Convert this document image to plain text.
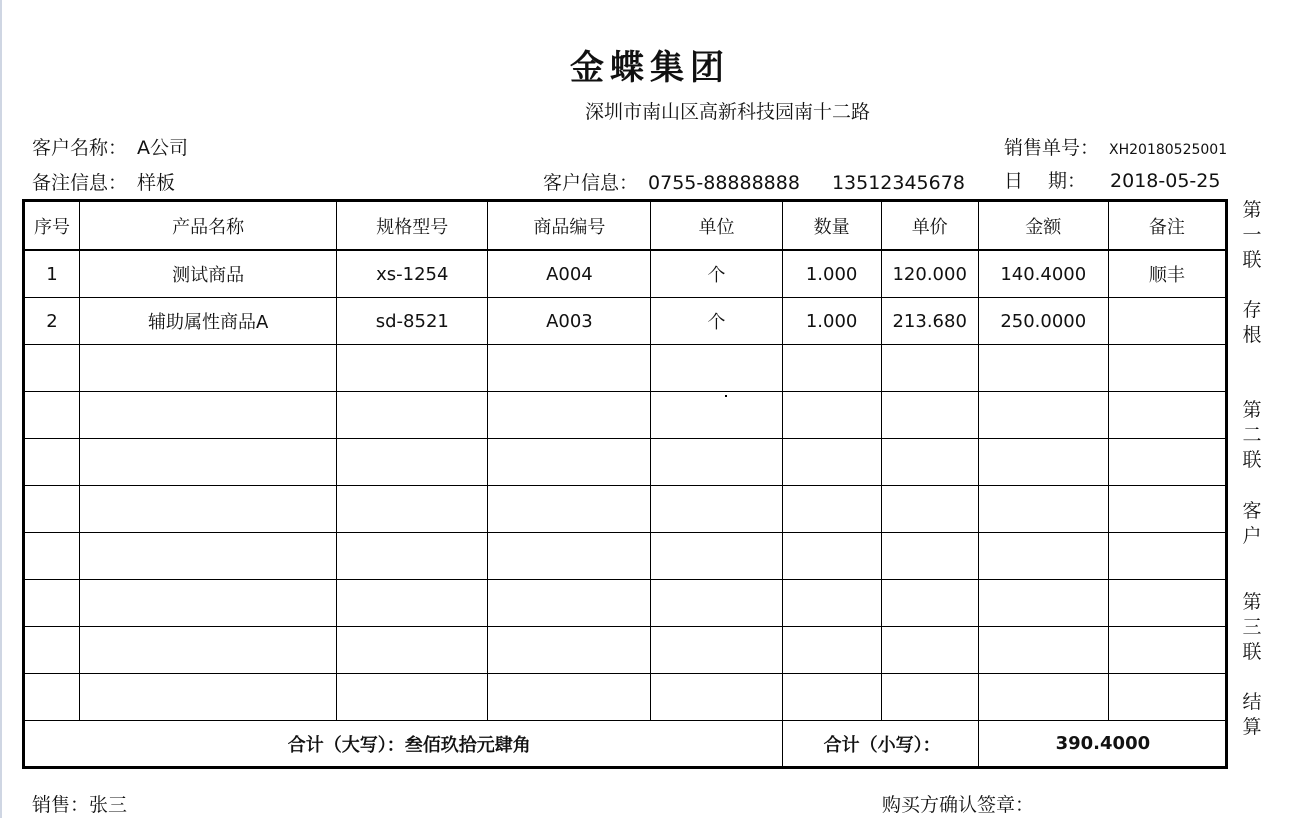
金蝶集团
深圳市南山区高新科技园南十二路
客户名称： A公司	销售单号： XH20180525001
备注信息： 样板	客户信息： 0755-88888888 13512345678 日　 期： 2018-05-25
序号	产品名称	规格型号	商品编号	单位	数量	单价	金额	备注
1	测试商品	xs-1254	A004	个	1.000	120.000	140.4000	顺丰
2	辅助属性商品A	sd-8521	A003	个	1.000	213.680	250.0000	

合计（大写）：叁佰玖拾元肆角					合计（小写）：		390.4000	
第一联
存根
第二联
客户
第三联
结算
销售：张三	购买方确认签章：
